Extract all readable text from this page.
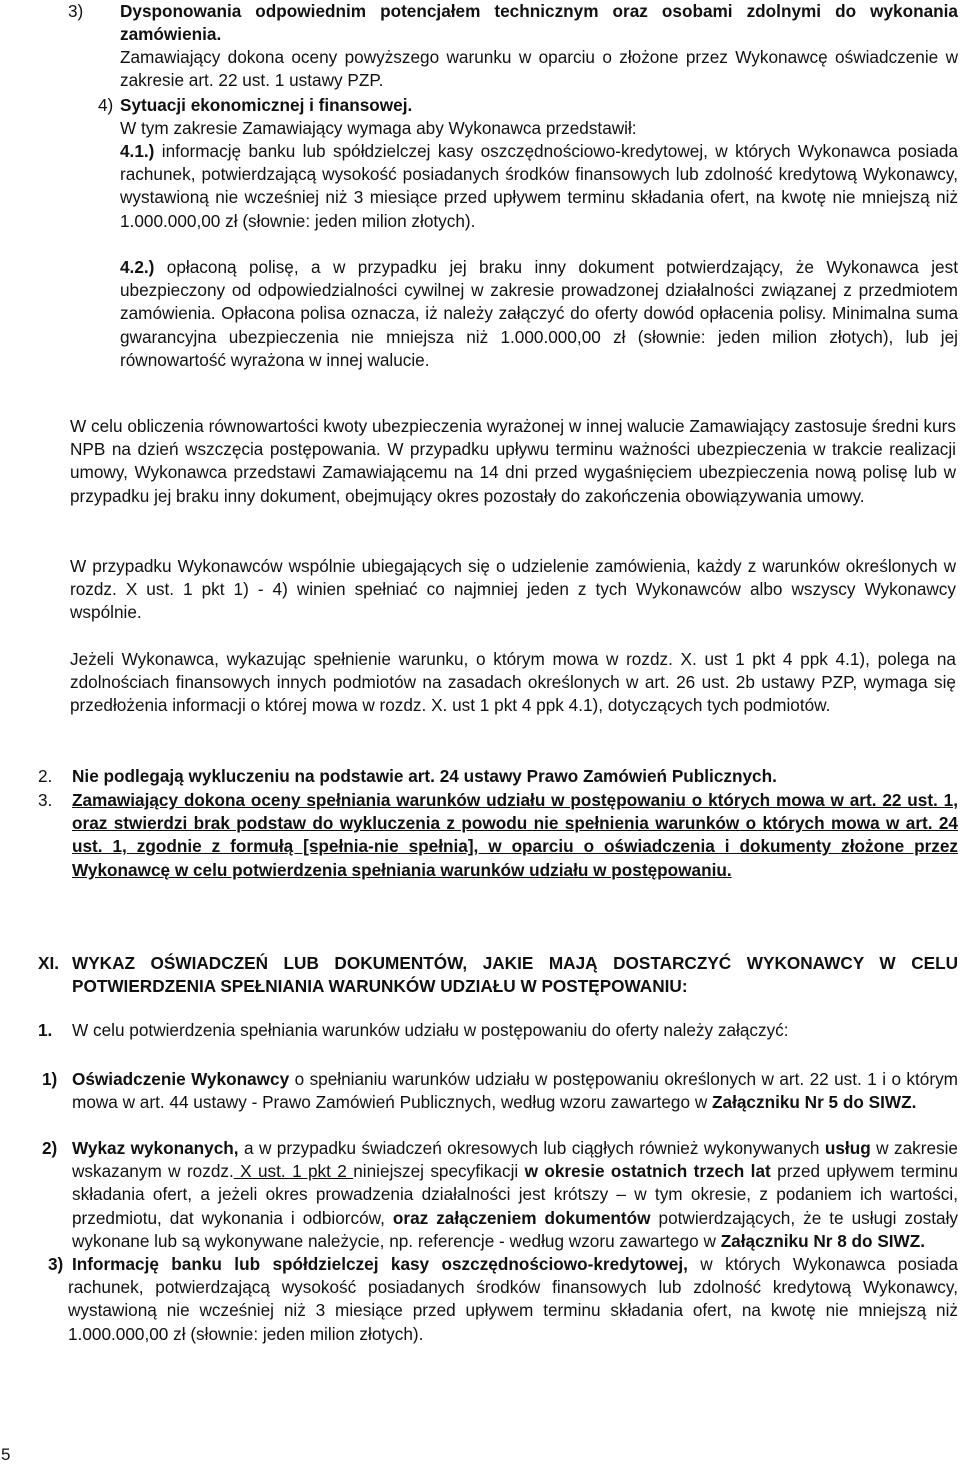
3) Dysponowania odpowiednim potencjałem technicznym oraz osobami zdolnymi do wykonania zamówienia.
Zamawiający dokona oceny powyższego warunku w oparciu o złożone przez Wykonawcę oświadczenie w zakresie art. 22 ust. 1 ustawy PZP.
4) Sytuacji ekonomicznej i finansowej.
W tym zakresie Zamawiający wymaga aby Wykonawca przedstawił:
4.1.) informację banku lub spółdzielczej kasy oszczędnościowo-kredytowej, w których Wykonawca posiada rachunek, potwierdzającą wysokość posiadanych środków finansowych lub zdolność kredytową Wykonawcy, wystawioną nie wcześniej niż 3 miesiące przed upływem terminu składania ofert, na kwotę nie mniejszą niż 1.000.000,00 zł (słownie: jeden milion złotych).
4.2.) opłaconą polisę, a w przypadku jej braku inny dokument potwierdzający, że Wykonawca jest ubezpieczony od odpowiedzialności cywilnej w zakresie prowadzonej działalności związanej z przedmiotem zamówienia. Opłacona polisa oznacza, iż należy załączyć do oferty dowód opłacenia polisy. Minimalna suma gwarancyjna ubezpieczenia nie mniejsza niż 1.000.000,00 zł (słownie: jeden milion złotych), lub jej równowartość wyrażona w innej walucie.
W celu obliczenia równowartości kwoty ubezpieczenia wyrażonej w innej walucie Zamawiający zastosuje średni kurs NPB na dzień wszczęcia postępowania. W przypadku upływu terminu ważności ubezpieczenia w trakcie realizacji umowy, Wykonawca przedstawi Zamawiającemu na 14 dni przed wygaśnięciem ubezpieczenia nową polisę lub w przypadku jej braku inny dokument, obejmujący okres pozostały do zakończenia obowiązywania umowy.
W przypadku Wykonawców wspólnie ubiegających się o udzielenie zamówienia, każdy z warunków określonych w rozdz. X ust. 1 pkt 1) - 4) winien spełniać co najmniej jeden z tych Wykonawców albo wszyscy Wykonawcy wspólnie.
Jeżeli Wykonawca, wykazując spełnienie warunku, o którym mowa w rozdz. X. ust 1 pkt 4 ppk 4.1), polega na zdolnościach finansowych innych podmiotów na zasadach określonych w art. 26 ust. 2b ustawy PZP, wymaga się przedłożenia informacji o której mowa w rozdz. X. ust 1 pkt 4 ppk 4.1), dotyczących tych podmiotów.
2. Nie podlegają wykluczeniu na podstawie art. 24 ustawy Prawo Zamówień Publicznych.
3. Zamawiający dokona oceny spełniania warunków udziału w postępowaniu o których mowa w art. 22 ust. 1, oraz stwierdzi brak podstaw do wykluczenia z powodu nie spełnienia warunków o których mowa w art. 24 ust. 1, zgodnie z formułą [spełnia-nie spełnia], w oparciu o oświadczenia i dokumenty złożone przez Wykonawcę w celu potwierdzenia spełniania warunków udziału w postępowaniu.
XI. WYKAZ OŚWIADCZEŃ LUB DOKUMENTÓW, JAKIE MAJĄ DOSTARCZYĆ WYKONAWCY W CELU POTWIERDZENIA SPEŁNIANIA WARUNKÓW UDZIAŁU W POSTĘPOWANIU:
1. W celu potwierdzenia spełniania warunków udziału w postępowaniu do oferty należy załączyć:
1) Oświadczenie Wykonawcy o spełnianiu warunków udziału w postępowaniu określonych w art. 22 ust. 1 i o którym mowa w art. 44 ustawy - Prawo Zamówień Publicznych, według wzoru zawartego w Załączniku Nr 5 do SIWZ.
2) Wykaz wykonanych, a w przypadku świadczeń okresowych lub ciągłych również wykonywanych usług w zakresie wskazanym w rozdz. X ust. 1 pkt 2 niniejszej specyfikacji w okresie ostatnich trzech lat przed upływem terminu składania ofert, a jeżeli okres prowadzenia działalności jest krótszy – w tym okresie, z podaniem ich wartości, przedmiotu, dat wykonania i odbiorców, oraz załączeniem dokumentów potwierdzających, że te usługi zostały wykonane lub są wykonywane należycie, np. referencje - według wzoru zawartego w Załączniku Nr 8 do SIWZ.
3) Informację banku lub spółdzielczej kasy oszczędnościowo-kredytowej, w których Wykonawca posiada rachunek, potwierdzającą wysokość posiadanych środków finansowych lub zdolność kredytową Wykonawcy, wystawioną nie wcześniej niż 3 miesiące przed upływem terminu składania ofert, na kwotę nie mniejszą niż 1.000.000,00 zł (słownie: jeden milion złotych).
5
